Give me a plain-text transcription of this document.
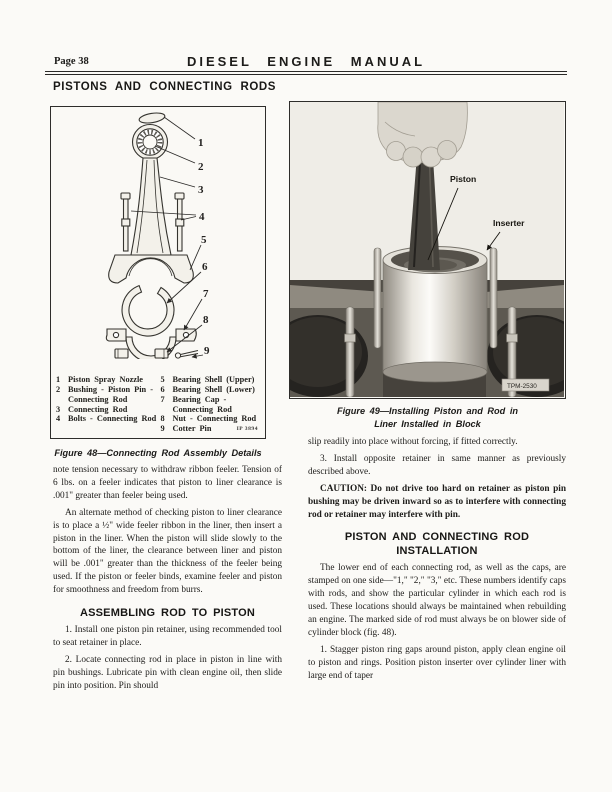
Page 38	DIESEL ENGINE MANUAL
PISTONS AND CONNECTING RODS
1
2
3
4
5
6
7
8
9
1 Piston Spray Nozzle
2 Bushing - Piston Pin - Connecting Rod
3 Connecting Rod
4 Bolts - Connecting Rod
5 Bearing Shell (Upper)
6 Bearing Shell (Lower)
7 Bearing Cap - Connecting Rod
8 Nut - Connecting Rod
9 Cotter Pin	IP 3894
Figure 48—Connecting Rod Assembly Details
Piston
Inserter
TPM-2530
Figure 49—Installing Piston and Rod in
Liner Installed in Block

note tension necessary to withdraw ribbon feeler. Tension of 6 lbs. on a feeler indicates that piston to liner clearance is .001" greater than feeler being used.

An alternate method of checking piston to liner clearance is to place a ½" wide feeler ribbon in the liner, then insert a piston in the liner. When the piston will slide slowly to the bottom of the liner, the clearance between liner and piston will be .001" greater than the thickness of the feeler being used. If the piston or feeler binds, examine feeler and piston for smoothness and freedom from burrs.

ASSEMBLING ROD TO PISTON

1. Install one piston pin retainer, using recommended tool to seat retainer in place.

2. Locate connecting rod in place in piston in line with pin bushings. Lubricate pin with clean engine oil, then slide pin into position. Pin should

slip readily into place without forcing, if fitted correctly.

3. Install opposite retainer in same manner as previously described above.

CAUTION: Do not drive too hard on retainer as piston pin bushing may be driven inward so as to interfere with connecting rod or retainer may interfere with pin.

PISTON AND CONNECTING ROD INSTALLATION

The lower end of each connecting rod, as well as the caps, are stamped on one side—"1," "2," "3," etc. These numbers identify caps with rods, and show the particular cylinder in which each rod is used. These locations should always be maintained when rebuilding an engine. The marked side of rod must always be on blower side of cylinder block (fig. 48).

1. Stagger piston ring gaps around piston, apply clean engine oil to piston and rings. Position piston inserter over cylinder liner with large end of taper
